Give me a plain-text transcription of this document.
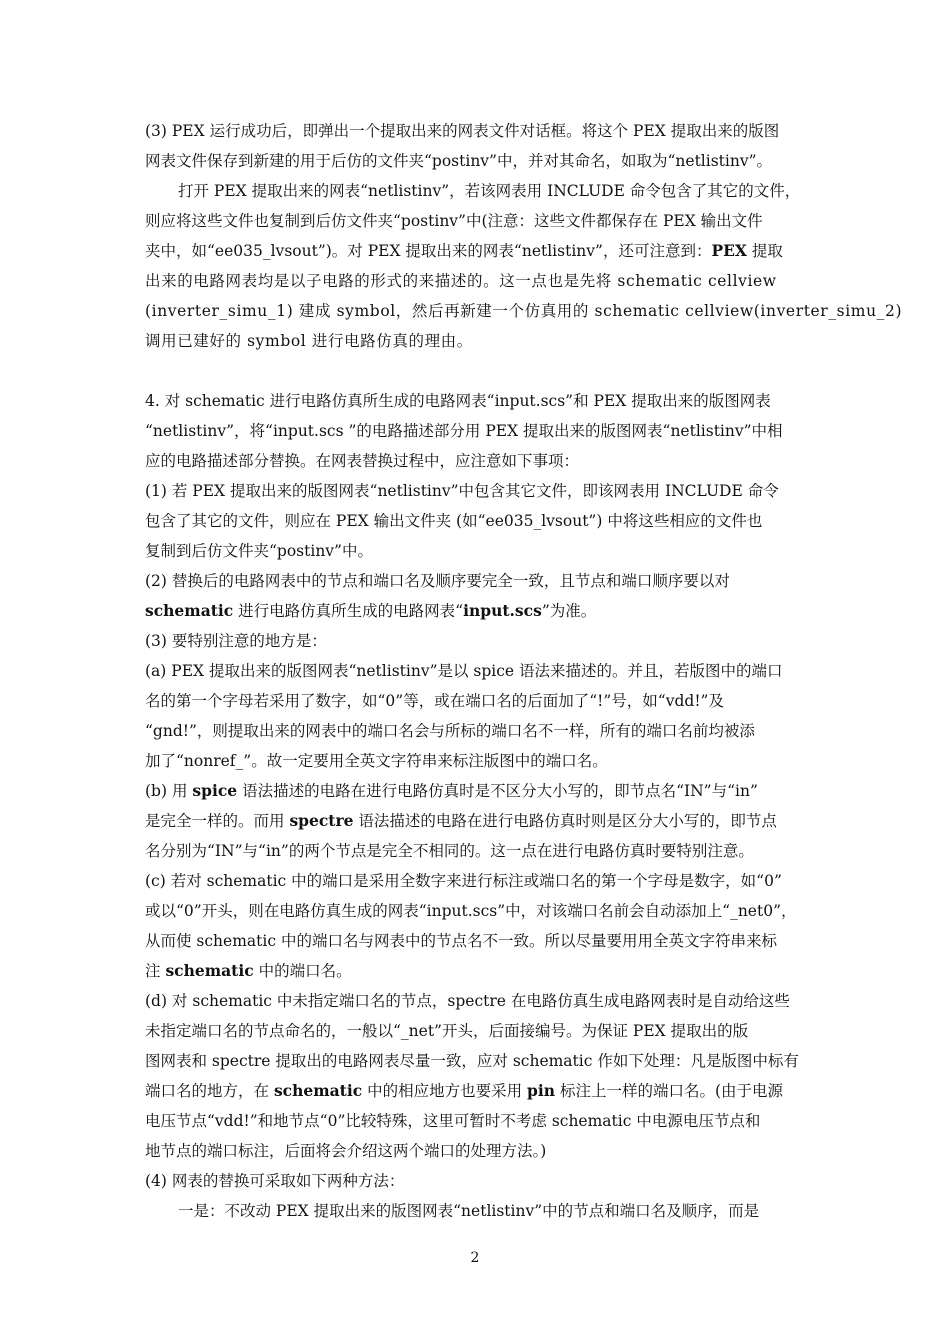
(3) PEX 运行成功后，即弹出一个提取出来的网表文件对话框。将这个 PEX 提取出来的版图
网表文件保存到新建的用于后仿的文件夹“postinv”中，并对其命名，如取为“netlistinv”。
打开 PEX 提取出来的网表“netlistinv”，若该网表用 INCLUDE 命令包含了其它的文件，
则应将这些文件也复制到后仿文件夹“postinv”中(注意：这些文件都保存在 PEX 输出文件
夹中，如“ee035_lvsout”)。对 PEX 提取出来的网表“netlistinv”，还可注意到：PEX 提取
出来的电路网表均是以子电路的形式的来描述的。这一点也是先将 schematic cellview
(inverter_simu_1) 建成 symbol，然后再新建一个仿真用的 schematic cellview(inverter_simu_2)
调用已建好的 symbol 进行电路仿真的理由。
4. 对 schematic 进行电路仿真所生成的电路网表“input.scs”和 PEX 提取出来的版图网表
“netlistinv”，将“input.scs ”的电路描述部分用 PEX 提取出来的版图网表“netlistinv”中相
应的电路描述部分替换。在网表替换过程中，应注意如下事项：
(1) 若 PEX 提取出来的版图网表“netlistinv”中包含其它文件，即该网表用 INCLUDE 命令
包含了其它的文件，则应在 PEX 输出文件夹 (如“ee035_lvsout”) 中将这些相应的文件也
复制到后仿文件夹“postinv”中。
(2) 替换后的电路网表中的节点和端口名及顺序要完全一致，且节点和端口顺序要以对
schematic 进行电路仿真所生成的电路网表“input.scs”为准。
(3) 要特别注意的地方是：
(a) PEX 提取出来的版图网表“netlistinv”是以 spice 语法来描述的。并且，若版图中的端口
名的第一个字母若采用了数字，如“0”等，或在端口名的后面加了“!”号，如“vdd!”及
“gnd!”，则提取出来的网表中的端口名会与所标的端口名不一样，所有的端口名前均被添
加了“nonref_”。故一定要用全英文字符串来标注版图中的端口名。
(b) 用 spice 语法描述的电路在进行电路仿真时是不区分大小写的，即节点名“IN”与“in”
是完全一样的。而用 spectre 语法描述的电路在进行电路仿真时则是区分大小写的，即节点
名分别为“IN”与“in”的两个节点是完全不相同的。这一点在进行电路仿真时要特别注意。
(c) 若对 schematic 中的端口是采用全数字来进行标注或端口名的第一个字母是数字，如“0”
或以“0”开头，则在电路仿真生成的网表“input.scs”中，对该端口名前会自动添加上“_net0”，
从而使 schematic 中的端口名与网表中的节点名不一致。所以尽量要用用全英文字符串来标
注 schematic 中的端口名。
(d) 对 schematic 中未指定端口名的节点，spectre 在电路仿真生成电路网表时是自动给这些
未指定端口名的节点命名的，一般以“_net”开头，后面接编号。为保证 PEX 提取出的版
图网表和 spectre 提取出的电路网表尽量一致，应对 schematic 作如下处理：凡是版图中标有
端口名的地方，在 schematic 中的相应地方也要采用 pin 标注上一样的端口名。(由于电源
电压节点“vdd!”和地节点“0”比较特殊，这里可暂时不考虑 schematic 中电源电压节点和
地节点的端口标注，后面将会介绍这两个端口的处理方法。)
(4) 网表的替换可采取如下两种方法：
一是：不改动 PEX 提取出来的版图网表“netlistinv”中的节点和端口名及顺序，而是
2
